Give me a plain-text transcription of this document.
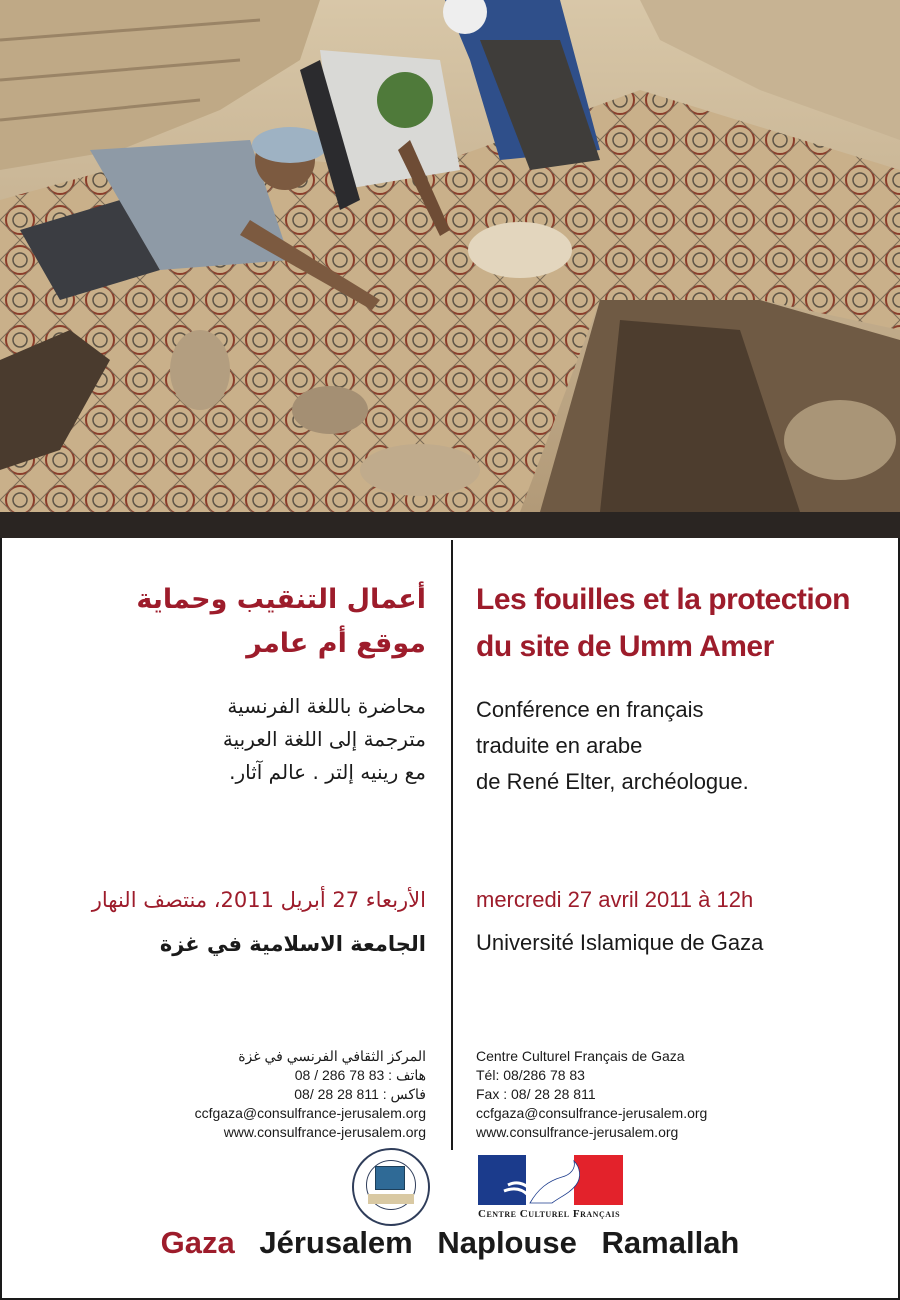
أعمال التنقيب وحماية
موقع أم عامر
محاضرة باللغة الفرنسية
مترجمة إلى اللغة العربية
مع رينيه إلتر . عالم آثار.
الأربعاء 27 أبريل 2011، منتصف النهار
الجامعة الاسلامية في غزة
المركز الثقافي الفرنسي في غزة
هاتف : 83 78 286 / 08
فاكس : 811 28 28 /08
ccfgaza@consulfrance-jerusalem.org
www.consulfrance-jerusalem.org
Les fouilles et la protection
du site de Umm Amer
Conférence en français
traduite en arabe
de René Elter, archéologue.
mercredi 27 avril 2011 à 12h
Université Islamique de Gaza
Centre Culturel Français de Gaza
Tél: 08/286 78 83
Fax : 08/ 28 28 811
ccfgaza@consulfrance-jerusalem.org
www.consulfrance-jerusalem.org
Centre Culturel Français
Gaza Jérusalem Naplouse Ramallah
